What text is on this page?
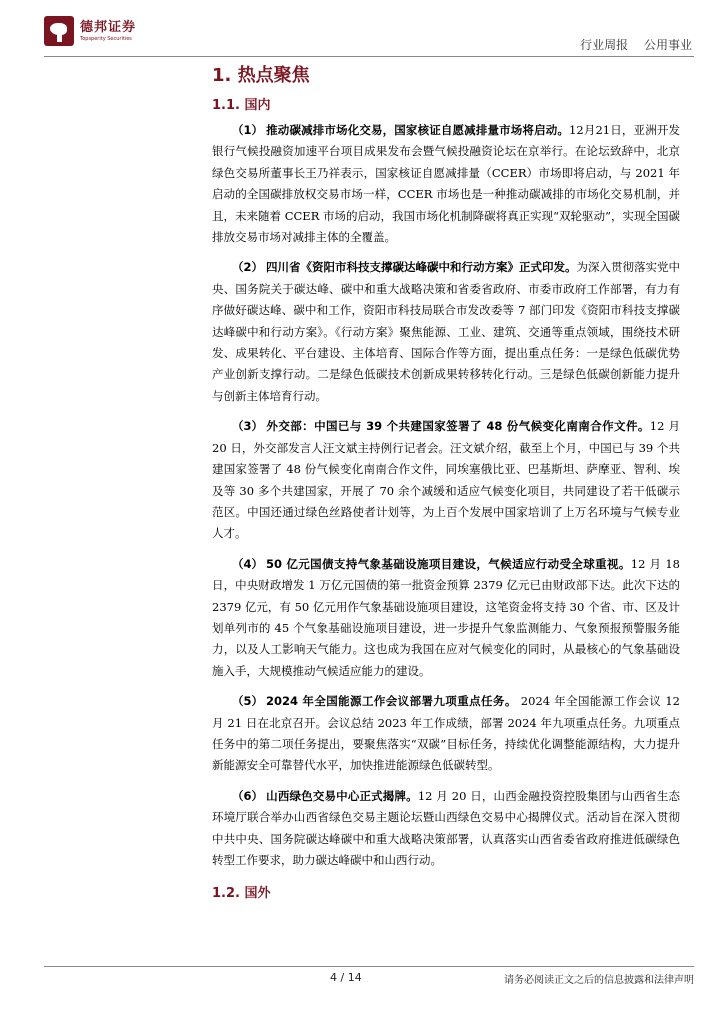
德邦证券
Topsperity Securities	行业周报 公用事业
1. 热点聚焦
1.1. 国内

（1） 推动碳减排市场化交易，国家核证自愿减排量市场将启动。12月21日，亚洲开发银行气候投融资加速平台项目成果发布会暨气候投融资论坛在京举行。在论坛致辞中，北京绿色交易所董事长王乃祥表示，国家核证自愿减排量（CCER）市场即将启动，与 2021 年启动的全国碳排放权交易市场一样，CCER 市场也是一种推动碳减排的市场化交易机制，并且，未来随着 CCER 市场的启动，我国市场化机制降碳将真正实现“双轮驱动”，实现全国碳排放交易市场对减排主体的全覆盖。

（2） 四川省《资阳市科技支撑碳达峰碳中和行动方案》正式印发。为深入贯彻落实党中央、国务院关于碳达峰、碳中和重大战略决策和省委省政府、市委市政府工作部署，有力有序做好碳达峰、碳中和工作，资阳市科技局联合市发改委等 7 部门印发《资阳市科技支撑碳达峰碳中和行动方案》。《行动方案》聚焦能源、工业、建筑、交通等重点领域，围绕技术研发、成果转化、平台建设、主体培育、国际合作等方面，提出重点任务：一是绿色低碳优势产业创新支撑行动。二是绿色低碳技术创新成果转移转化行动。三是绿色低碳创新能力提升与创新主体培育行动。

（3） 外交部：中国已与 39 个共建国家签署了 48 份气候变化南南合作文件。12 月 20 日，外交部发言人汪文斌主持例行记者会。汪文斌介绍，截至上个月，中国已与 39 个共建国家签署了 48 份气候变化南南合作文件，同埃塞俄比亚、巴基斯坦、萨摩亚、智利、埃及等 30 多个共建国家，开展了 70 余个减缓和适应气候变化项目，共同建设了若干低碳示范区。中国还通过绿色丝路使者计划等，为上百个发展中国家培训了上万名环境与气候专业人才。

（4） 50 亿元国债支持气象基础设施项目建设，气候适应行动受全球重视。12 月 18 日，中央财政增发 1 万亿元国债的第一批资金预算 2379 亿元已由财政部下达。此次下达的 2379 亿元，有 50 亿元用作气象基础设施项目建设，这笔资金将支持 30 个省、市、区及计划单列市的 45 个气象基础设施项目建设，进一步提升气象监测能力、气象预报预警服务能力，以及人工影响天气能力。这也成为我国在应对气候变化的同时，从最核心的气象基础设施入手，大规模推动气候适应能力的建设。

（5） 2024 年全国能源工作会议部署九项重点任务。 2024 年全国能源工作会议 12 月 21 日在北京召开。会议总结 2023 年工作成绩，部署 2024 年九项重点任务。九项重点任务中的第二项任务提出，要聚焦落实“双碳”目标任务，持续优化调整能源结构，大力提升新能源安全可靠替代水平，加快推进能源绿色低碳转型。

（6） 山西绿色交易中心正式揭牌。12 月 20 日，山西金融投资控股集团与山西省生态环境厅联合举办山西省绿色交易主题论坛暨山西绿色交易中心揭牌仪式。活动旨在深入贯彻中共中央、国务院碳达峰碳中和重大战略决策部署，认真落实山西省委省政府推进低碳绿色转型工作要求，助力碳达峰碳中和山西行动。

1.2. 国外
4 / 14	请务必阅读正文之后的信息披露和法律声明
